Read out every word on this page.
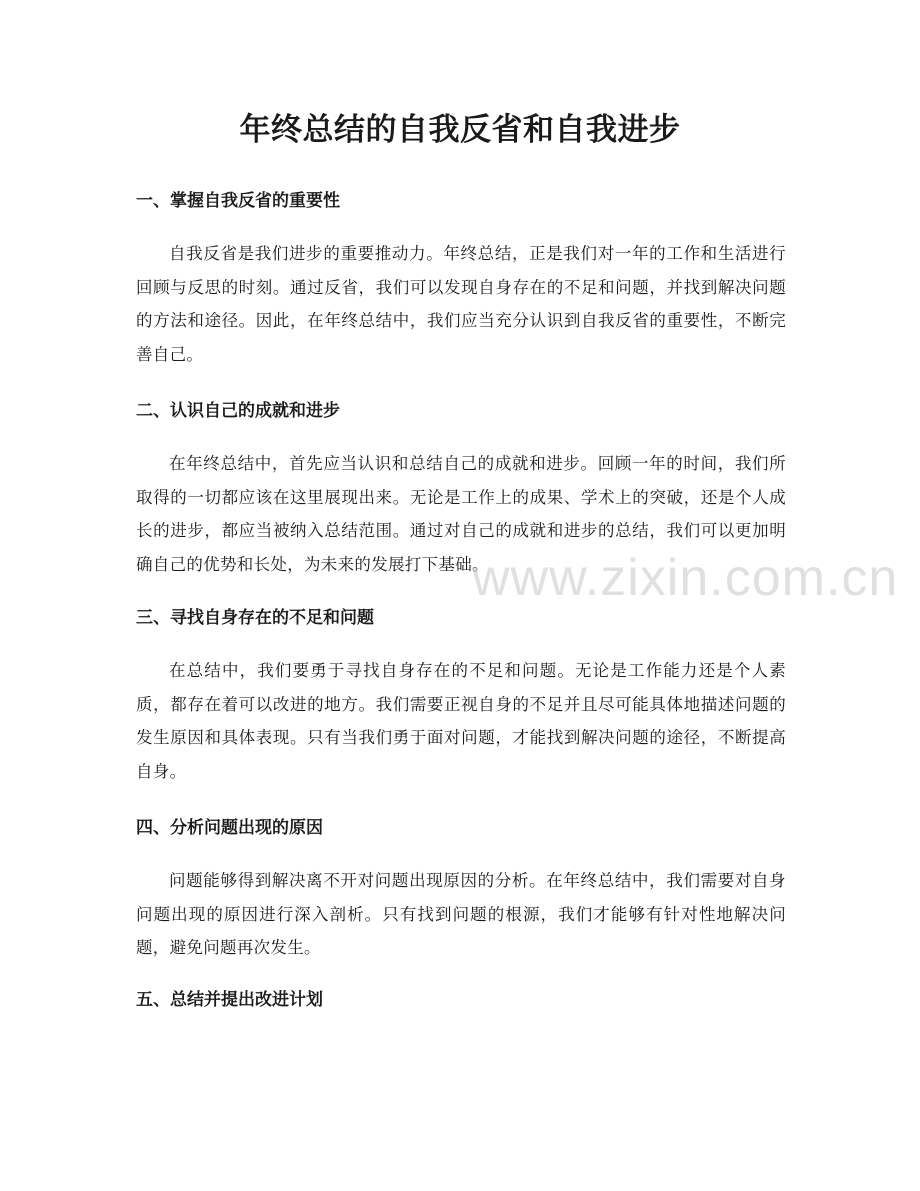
年终总结的自我反省和自我进步
一、掌握自我反省的重要性

自我反省是我们进步的重要推动力。年终总结，正是我们对一年的工作和生活进行回顾与反思的时刻。通过反省，我们可以发现自身存在的不足和问题，并找到解决问题的方法和途径。因此，在年终总结中，我们应当充分认识到自我反省的重要性，不断完善自己。

二、认识自己的成就和进步

在年终总结中，首先应当认识和总结自己的成就和进步。回顾一年的时间，我们所取得的一切都应该在这里展现出来。无论是工作上的成果、学术上的突破，还是个人成长的进步，都应当被纳入总结范围。通过对自己的成就和进步的总结，我们可以更加明确自己的优势和长处，为未来的发展打下基础。

三、寻找自身存在的不足和问题

在总结中，我们要勇于寻找自身存在的不足和问题。无论是工作能力还是个人素质，都存在着可以改进的地方。我们需要正视自身的不足并且尽可能具体地描述问题的发生原因和具体表现。只有当我们勇于面对问题，才能找到解决问题的途径，不断提高自身。

四、分析问题出现的原因

问题能够得到解决离不开对问题出现原因的分析。在年终总结中，我们需要对自身问题出现的原因进行深入剖析。只有找到问题的根源，我们才能够有针对性地解决问题，避免问题再次发生。

五、总结并提出改进计划
www.zixin.com.cn
